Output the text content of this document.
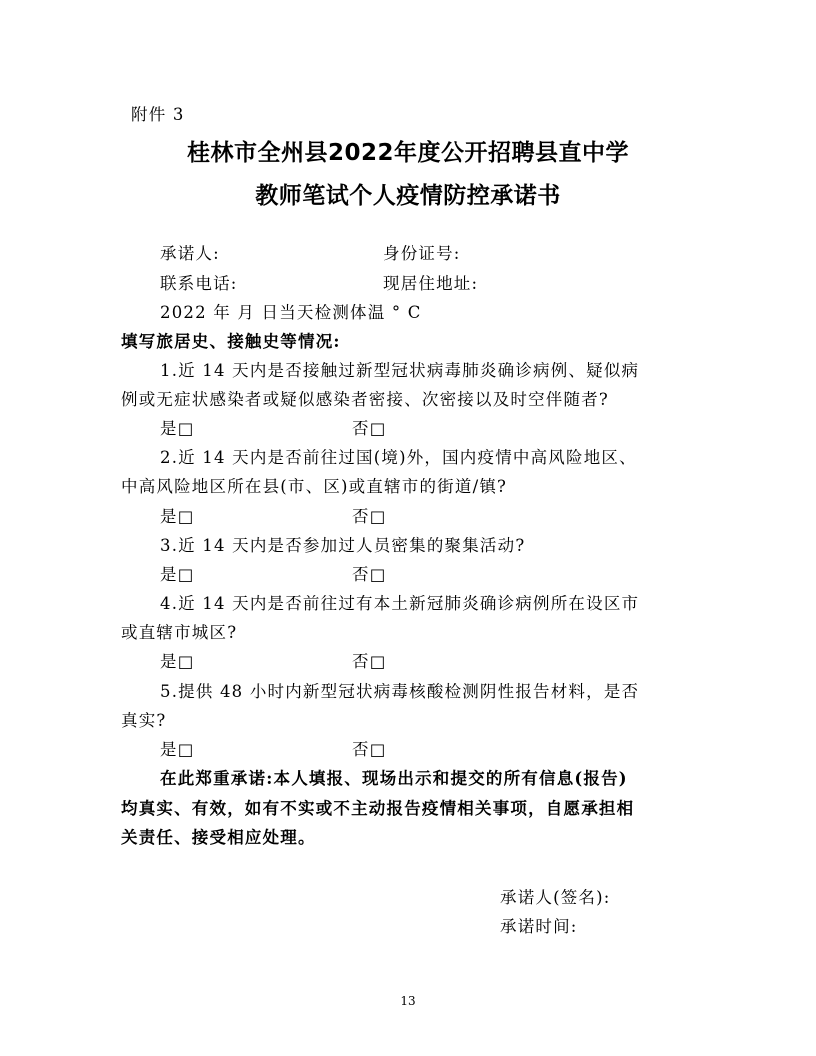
附件 3
桂林市全州县2022年度公开招聘县直中学
教师笔试个人疫情防控承诺书
承诺人:	身份证号:
联系电话:	现居住地址:
2022 年 月 日当天检测体温 ° C
填写旅居史、接触史等情况:
1.近 14 天内是否接触过新型冠状病毒肺炎确诊病例、疑似病
例或无症状感染者或疑似感染者密接、次密接以及时空伴随者?
是□	否□
2.近 14 天内是否前往过国(境)外，国内疫情中高风险地区、
中高风险地区所在县(市、区)或直辖市的街道/镇?
是□	否□
3.近 14 天内是否参加过人员密集的聚集活动?
是□	否□
4.近 14 天内是否前往过有本土新冠肺炎确诊病例所在设区市
或直辖市城区?
是□	否□
5.提供 48 小时内新型冠状病毒核酸检测阴性报告材料，是否
真实?
是□	否□
在此郑重承诺:本人填报、现场出示和提交的所有信息(报告)
均真实、有效，如有不实或不主动报告疫情相关事项，自愿承担相
关责任、接受相应处理。
承诺人(签名):
承诺时间:
13
